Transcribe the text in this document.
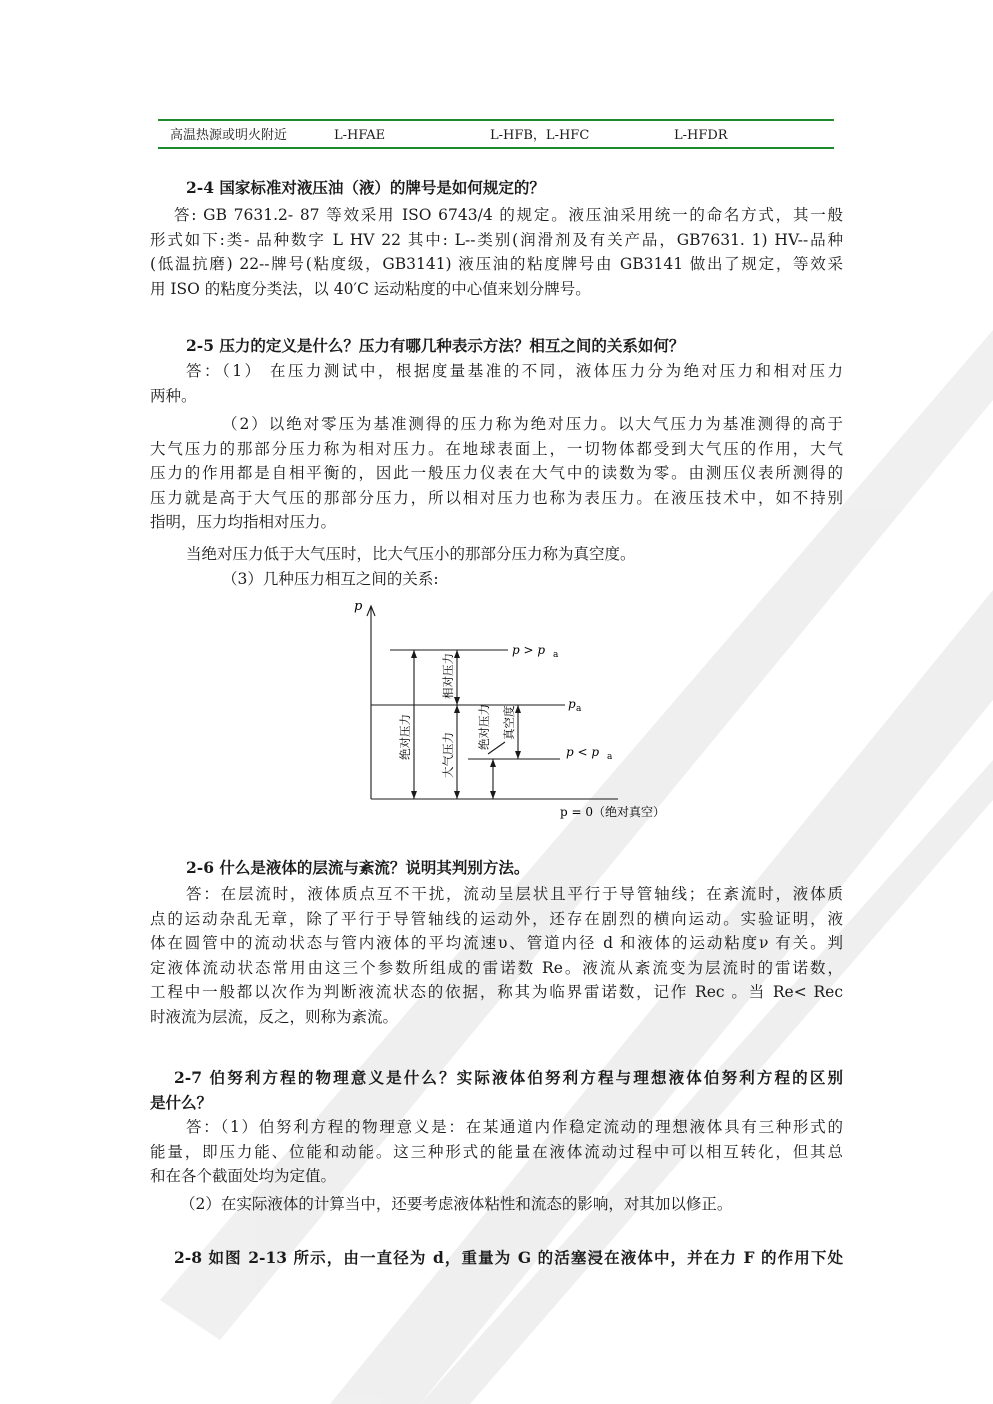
高温热源或明火附近	L-HFAE	L-HFB，L-HFC	L-HFDR
2-4 国家标准对液压油（液）的牌号是如何规定的？
答: GB 7631.2- 87 等效采用 ISO 6743/4 的规定。液压油采用统一的命名方式，其一般
形式如下:类- 品种数字 L HV 22 其中: L--类别(润滑剂及有关产品，GB7631. 1) HV--品种
(低温抗磨) 22--牌号(粘度级，GB3141) 液压油的粘度牌号由 GB3141 做出了规定，等效采
用 ISO 的粘度分类法，以 40′C 运动粘度的中心值来划分牌号。
2-5 压力的定义是什么？压力有哪几种表示方法？相互之间的关系如何？
答：（1） 在压力测试中，根据度量基准的不同，液体压力分为绝对压力和相对压力
两种。
（2）以绝对零压为基准测得的压力称为绝对压力。以大气压力为基准测得的高于
大气压力的那部分压力称为相对压力。在地球表面上，一切物体都受到大气压的作用，大气
压力的作用都是自相平衡的，因此一般压力仪表在大气中的读数为零。由测压仪表所测得的
压力就是高于大气压的那部分压力，所以相对压力也称为表压力。在液压技术中，如不持别
指明，压力均指相对压力。
当绝对压力低于大气压时，比大气压小的那部分压力称为真空度。
（3）几种压力相互之间的关系:
p
p > p a
p a
p < p a
p = 0（绝对真空）
绝对压力
相对压力
大气压力
绝对压力 真空度
2-6 什么是液体的层流与紊流？说明其判别方法。
答：在层流时，液体质点互不干扰，流动呈层状且平行于导管轴线；在紊流时，液体质
点的运动杂乱无章，除了平行于导管轴线的运动外，还存在剧烈的横向运动。实验证明，液
体在圆管中的流动状态与管内液体的平均流速υ、管道内径 d 和液体的运动粘度ν 有关。判
定液体流动状态常用由这三个参数所组成的雷诺数 Re。液流从紊流变为层流时的雷诺数，
工程中一般都以次作为判断液流状态的依据，称其为临界雷诺数，记作 Rec 。当 Re< Rec
时液流为层流，反之，则称为紊流。
2-7 伯努利方程的物理意义是什么？实际液体伯努利方程与理想液体伯努利方程的区别
是什么？
答：（1）伯努利方程的物理意义是：在某通道内作稳定流动的理想液体具有三种形式的
能量，即压力能、位能和动能。这三种形式的能量在液体流动过程中可以相互转化，但其总
和在各个截面处均为定值。
（2）在实际液体的计算当中，还要考虑液体粘性和流态的影响，对其加以修正。
2-8 如图 2-13 所示，由一直径为 d，重量为 G 的活塞浸在液体中，并在力 F 的作用下处
